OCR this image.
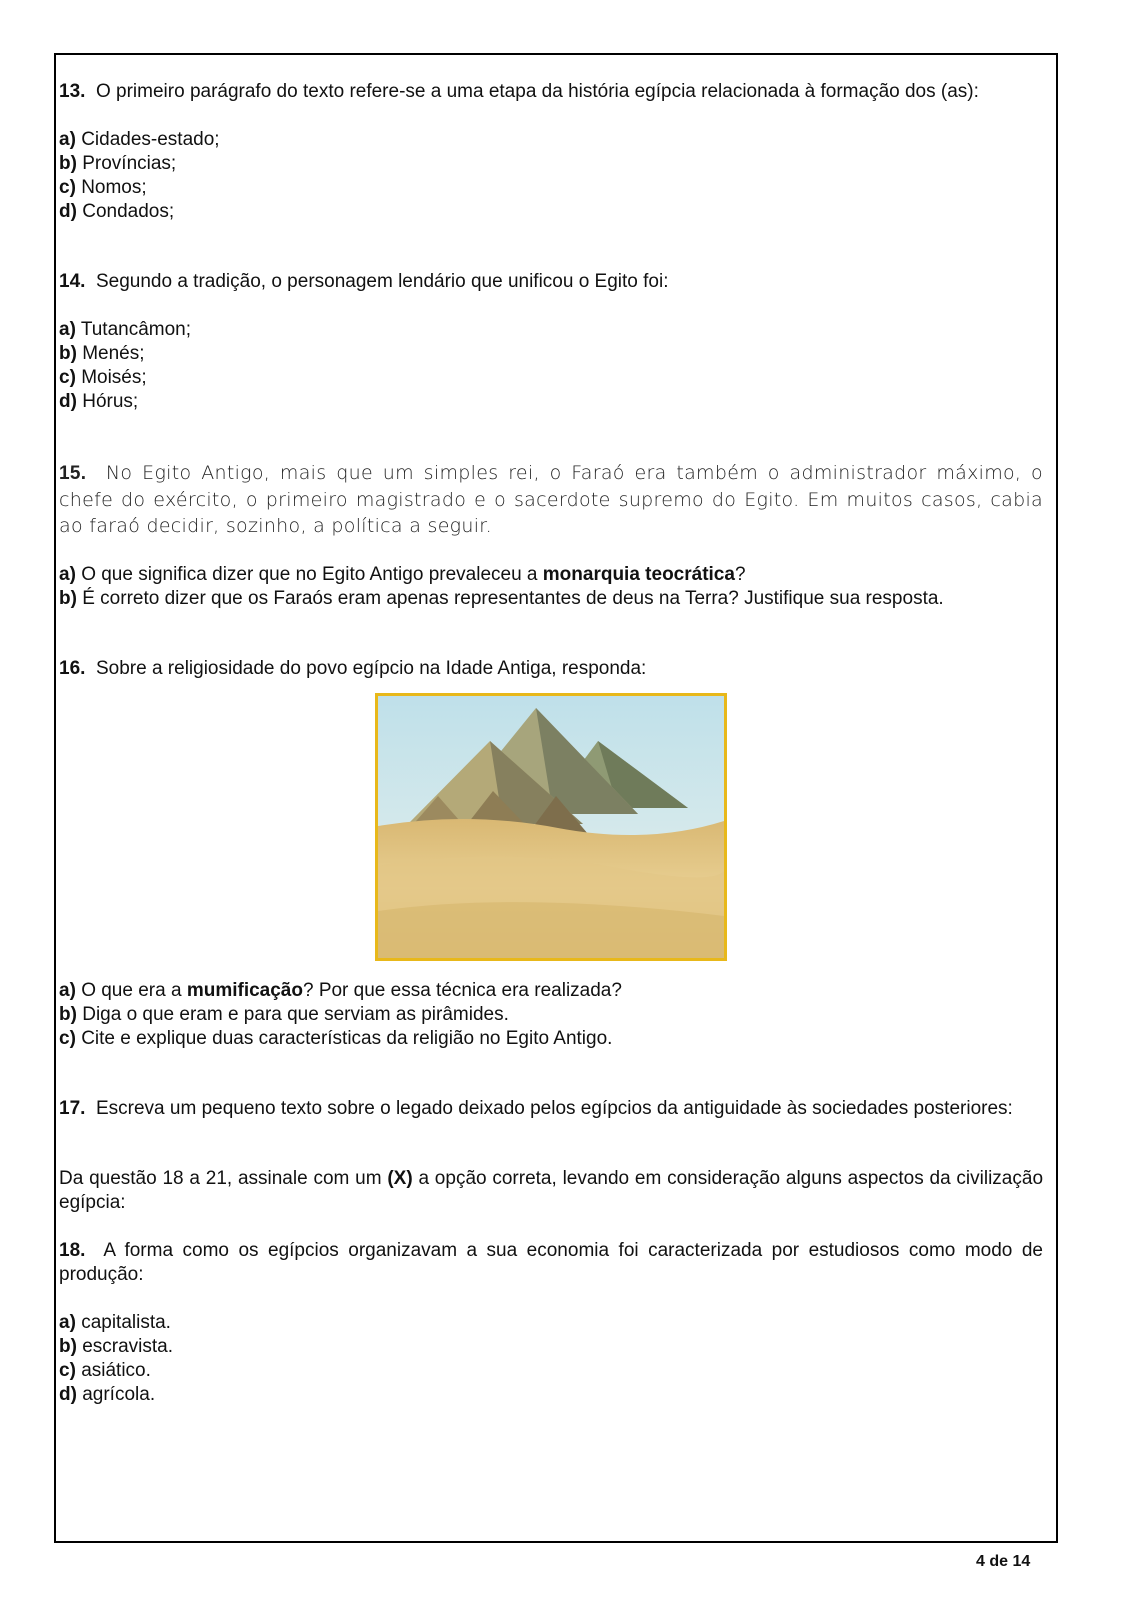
13. O primeiro parágrafo do texto refere-se a uma etapa da história egípcia relacionada à formação dos (as):

a) Cidades-estado;
b) Províncias;
c) Nomos;
d) Condados;

14. Segundo a tradição, o personagem lendário que unificou o Egito foi:

a) Tutancâmon;
b) Menés;
c) Moisés;
d) Hórus;

15. No Egito Antigo, mais que um simples rei, o Faraó era também o administrador máximo, o chefe do exército, o primeiro magistrado e o sacerdote supremo do Egito. Em muitos casos, cabia ao faraó decidir, sozinho, a política a seguir.

a) O que significa dizer que no Egito Antigo prevaleceu a monarquia teocrática?

b) É correto dizer que os Faraós eram apenas representantes de deus na Terra? Justifique sua resposta.

16. Sobre a religiosidade do povo egípcio na Idade Antiga, responda:

a) O que era a mumificação? Por que essa técnica era realizada?

b) Diga o que eram e para que serviam as pirâmides.

c) Cite e explique duas características da religião no Egito Antigo.

17. Escreva um pequeno texto sobre o legado deixado pelos egípcios da antiguidade às sociedades posteriores:

Da questão 18 a 21, assinale com um (X) a opção correta, levando em consideração alguns aspectos da civilização egípcia:

18. A forma como os egípcios organizavam a sua economia foi caracterizada por estudiosos como modo de produção:

a) capitalista.
b) escravista.
c) asiático.
d) agrícola.
4 de 14
